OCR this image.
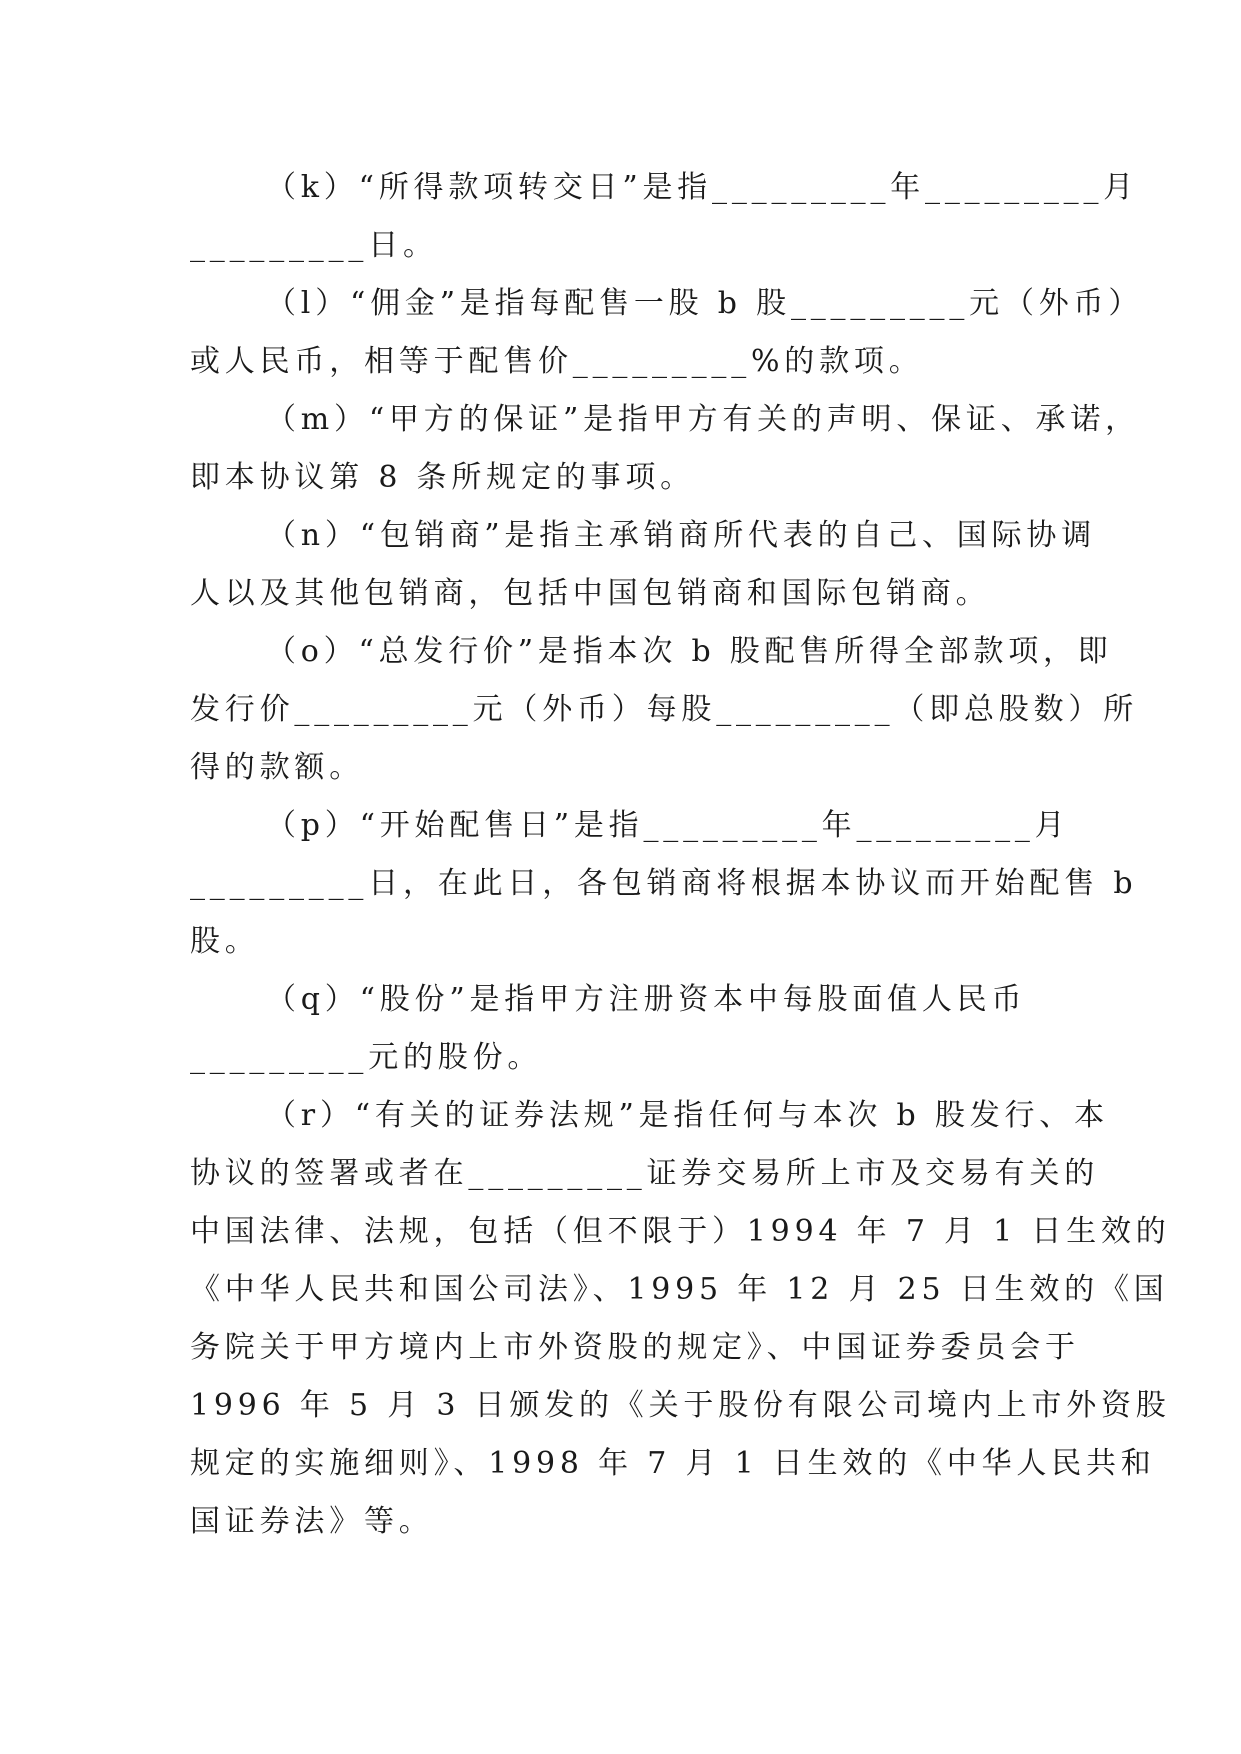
（k）“所得款项转交日”是指_________年_________月
_________日。
（l）“佣金”是指每配售一股 b 股_________元（外币）
或人民币，相等于配售价_________%的款项。
（m）“甲方的保证”是指甲方有关的声明、保证、承诺，
即本协议第 8 条所规定的事项。
（n）“包销商”是指主承销商所代表的自己、国际协调
人以及其他包销商，包括中国包销商和国际包销商。
（o）“总发行价”是指本次 b 股配售所得全部款项，即
发行价_________元（外币）每股_________（即总股数）所
得的款额。
（p）“开始配售日”是指_________年_________月
_________日，在此日，各包销商将根据本协议而开始配售 b
股。
（q）“股份”是指甲方注册资本中每股面值人民币
_________元的股份。
（r）“有关的证券法规”是指任何与本次 b 股发行、本
协议的签署或者在_________证券交易所上市及交易有关的
中国法律、法规，包括（但不限于）1994 年 7 月 1 日生效的
《中华人民共和国公司法》、1995 年 12 月 25 日生效的《国
务院关于甲方境内上市外资股的规定》、中国证券委员会于
1996 年 5 月 3 日颁发的《关于股份有限公司境内上市外资股
规定的实施细则》、1998 年 7 月 1 日生效的《中华人民共和
国证券法》等。
